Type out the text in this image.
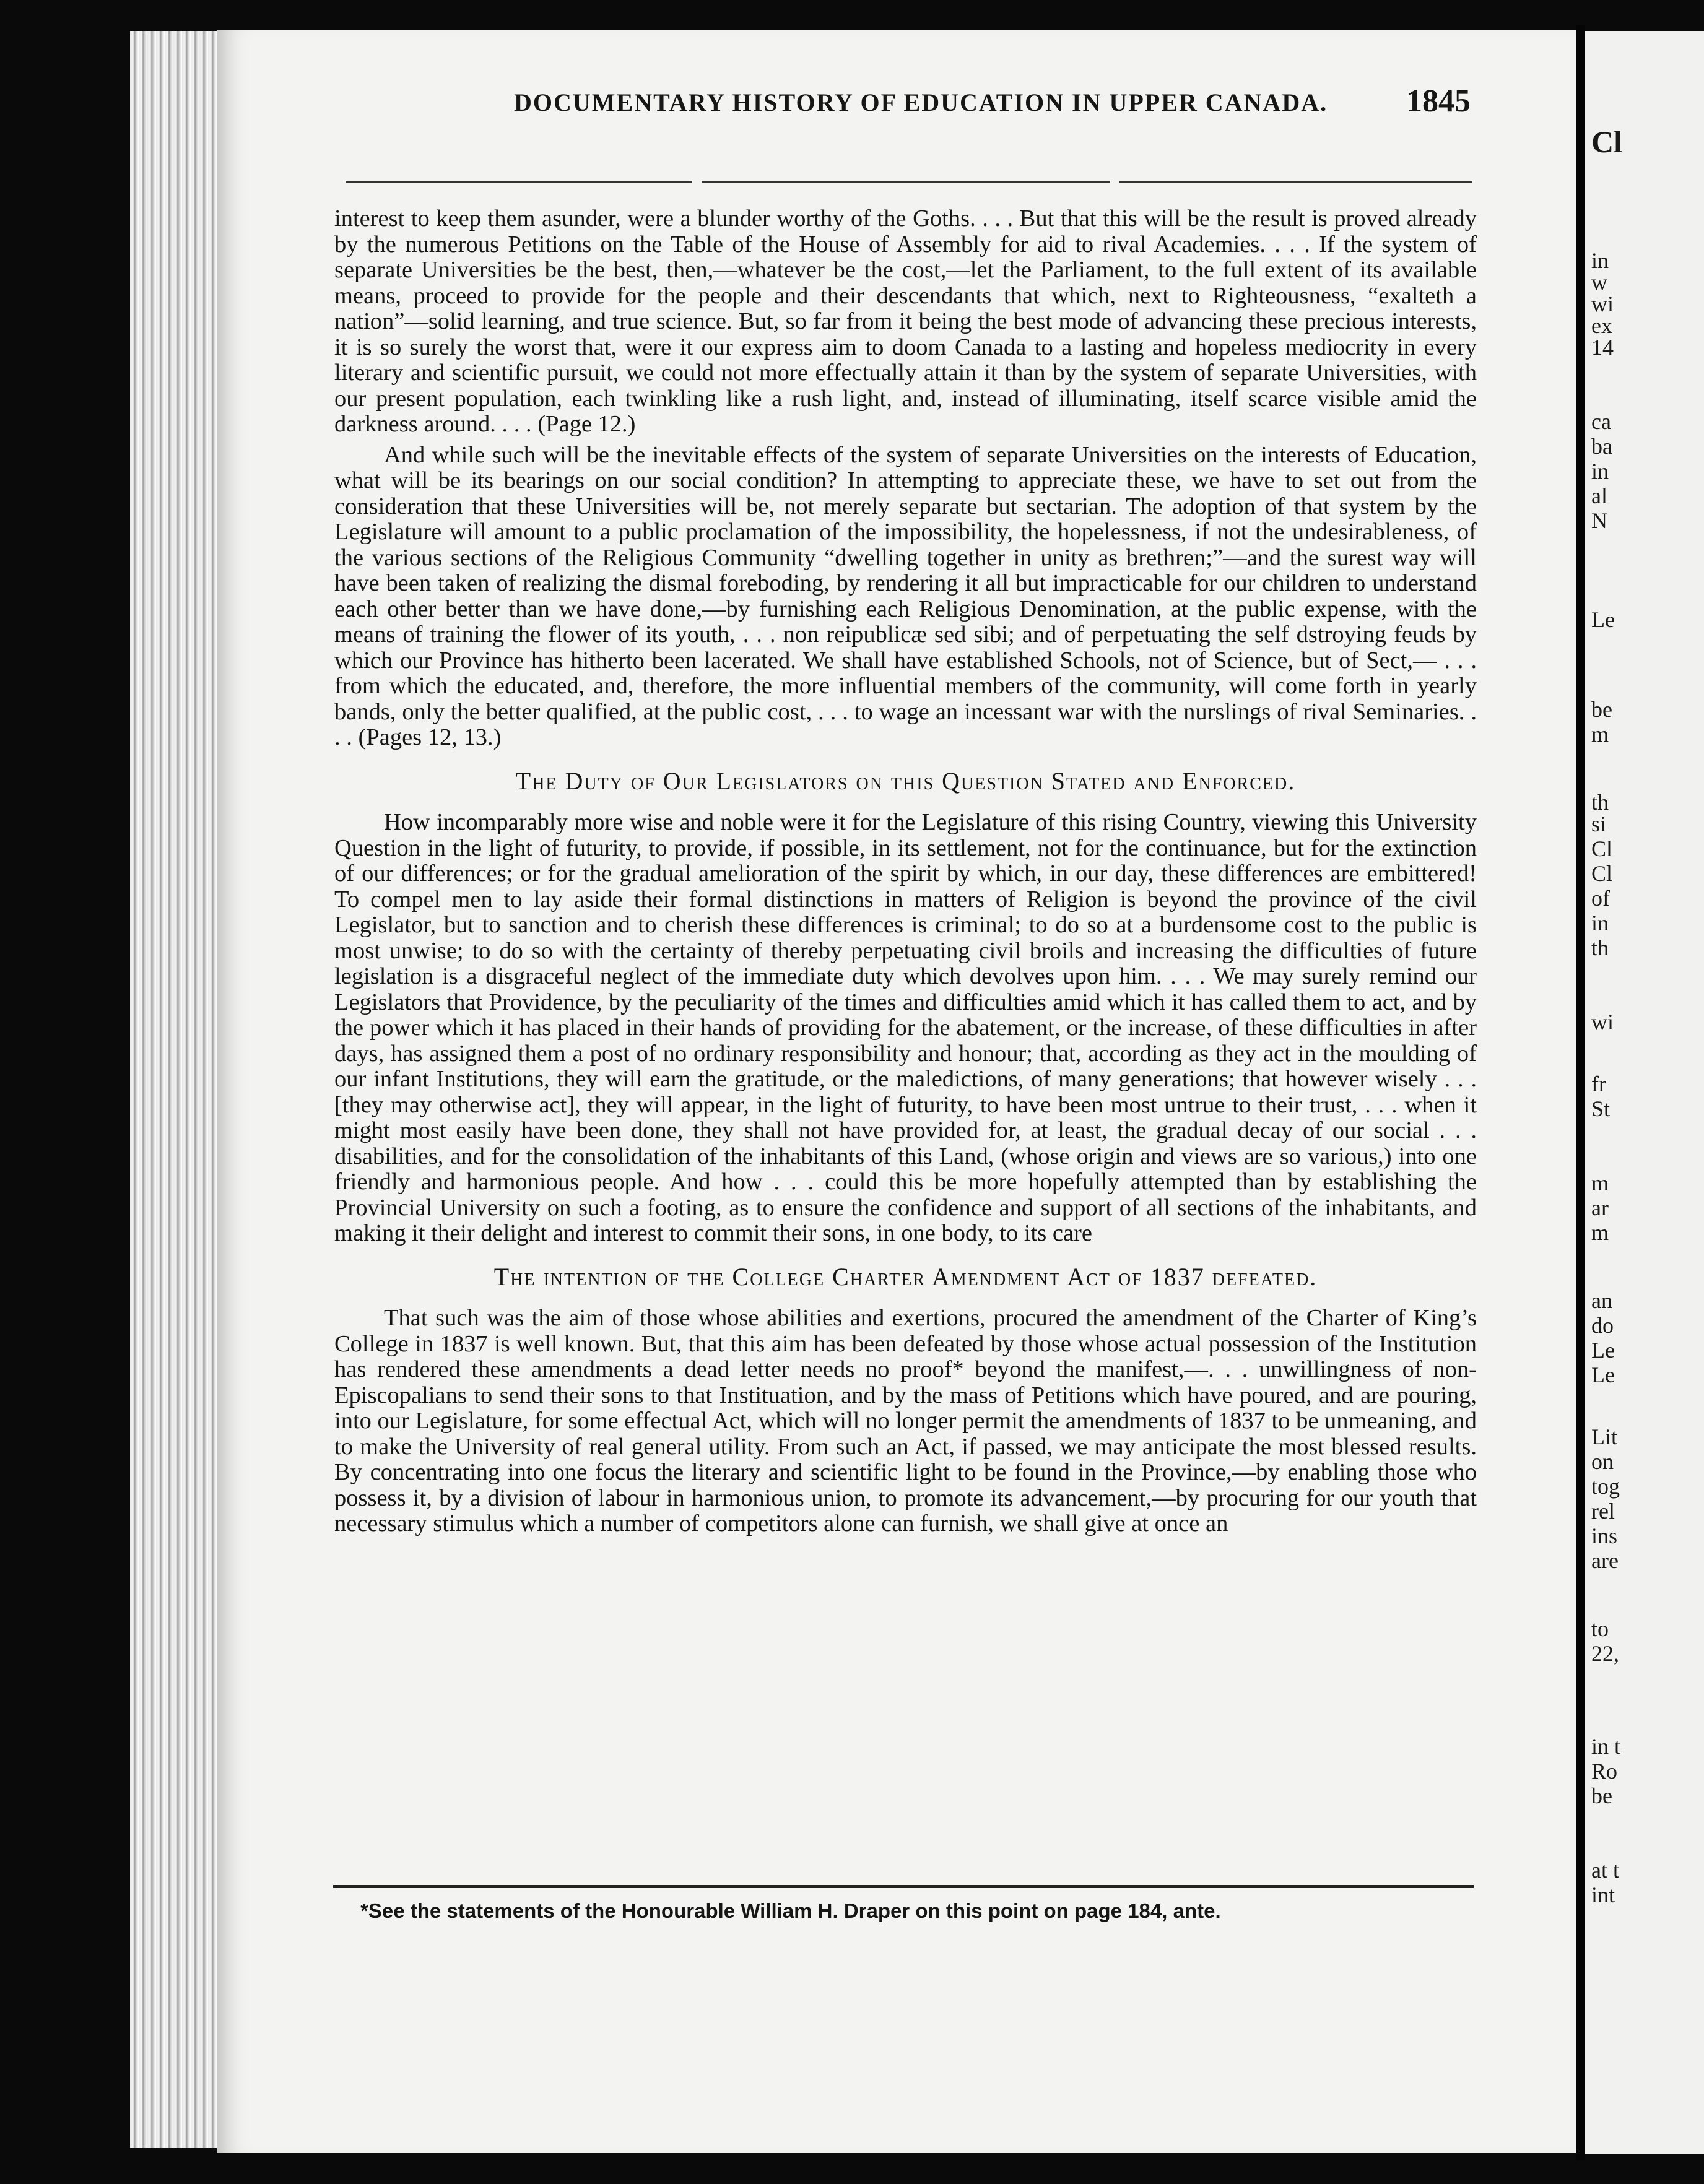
DOCUMENTARY HISTORY OF EDUCATION IN UPPER CANADA. 1845

interest to keep them asunder, were a blunder worthy of the Goths. . . . But that this will be the result is proved already by the numerous Petitions on the Table of the House of Assembly for aid to rival Academies. . . . If the system of separate Universities be the best, then,—whatever be the cost,—let the Parliament, to the full extent of its available means, proceed to provide for the people and their descendants that which, next to Righteousness, “exalteth a nation”—solid learning, and true science. But, so far from it being the best mode of advancing these precious interests, it is so surely the worst that, were it our express aim to doom Canada to a lasting and hopeless mediocrity in every literary and scientific pursuit, we could not more effectually attain it than by the system of separate Universities, with our present population, each twinkling like a rush light, and, instead of illuminating, itself scarce visible amid the darkness around. . . . (Page 12.)

And while such will be the inevitable effects of the system of separate Universities on the interests of Education, what will be its bearings on our social condition? In attempting to appreciate these, we have to set out from the consideration that these Universities will be, not merely separate but sectarian. The adoption of that system by the Legislature will amount to a public proclamation of the impossibility, the hopelessness, if not the undesirableness, of the various sections of the Religious Community “dwelling together in unity as brethren;”—and the surest way will have been taken of realizing the dismal foreboding, by rendering it all but impracticable for our children to understand each other better than we have done,—by furnishing each Religious Denomination, at the public expense, with the means of training the flower of its youth, . . . non reipublicæ sed sibi; and of perpetuating the self dstroying feuds by which our Province has hitherto been lacerated. We shall have established Schools, not of Science, but of Sect,— . . . from which the educated, and, therefore, the more influential members of the community, will come forth in yearly bands, only the better qualified, at the public cost, . . . to wage an incessant war with the nurslings of rival Seminaries. . . . (Pages 12, 13.)

The Duty of Our Legislators on this Question Stated and Enforced.

How incomparably more wise and noble were it for the Legislature of this rising Country, viewing this University Question in the light of futurity, to provide, if possible, in its settlement, not for the continuance, but for the extinction of our differences; or for the gradual amelioration of the spirit by which, in our day, these differences are embittered! To compel men to lay aside their formal distinctions in matters of Religion is beyond the province of the civil Legislator, but to sanction and to cherish these differences is criminal; to do so at a burdensome cost to the public is most unwise; to do so with the certainty of thereby perpetuating civil broils and increasing the difficulties of future legislation is a disgraceful neglect of the immediate duty which devolves upon him. . . . We may surely remind our Legislators that Providence, by the peculiarity of the times and difficulties amid which it has called them to act, and by the power which it has placed in their hands of providing for the abatement, or the increase, of these difficulties in after days, has assigned them a post of no ordinary responsibility and honour; that, according as they act in the moulding of our infant Institutions, they will earn the gratitude, or the maledictions, of many generations; that however wisely . . . [they may otherwise act], they will appear, in the light of futurity, to have been most untrue to their trust, . . . when it might most easily have been done, they shall not have provided for, at least, the gradual decay of our social . . . disabilities, and for the consolidation of the inhabitants of this Land, (whose origin and views are so various,) into one friendly and harmonious people. And how . . . could this be more hopefully attempted than by establishing the Provincial University on such a footing, as to ensure the confidence and support of all sections of the inhabitants, and making it their delight and interest to commit their sons, in one body, to its care

The intention of the College Charter Amendment Act of 1837 defeated.

That such was the aim of those whose abilities and exertions, procured the amendment of the Charter of King’s College in 1837 is well known. But, that this aim has been defeated by those whose actual possession of the Institution has rendered these amendments a dead letter needs no proof* beyond the manifest,—. . . unwillingness of non-Episcopalians to send their sons to that Instituation, and by the mass of Petitions which have poured, and are pouring, into our Legislature, for some effectual Act, which will no longer permit the amendments of 1837 to be unmeaning, and to make the University of real general utility. From such an Act, if passed, we may anticipate the most blessed results. By concentrating into one focus the literary and scientific light to be found in the Province,—by enabling those who possess it, by a division of labour in harmonious union, to promote its advancement,—by procuring for our youth that necessary stimulus which a number of competitors alone can furnish, we shall give at once an

*See the statements of the Honourable William H. Draper on this point on page 184, ante.
Cl
in
w
wi
ex
14
ca
ba
in
al
N
Le
be
m
th
si
Cl
Cl
of
in
th
wi
fr
St
m
ar
m
an
do
Le
Le
Lit
on
tog
rel
ins
are
to
22,
in t
Ro
be
at t
int
